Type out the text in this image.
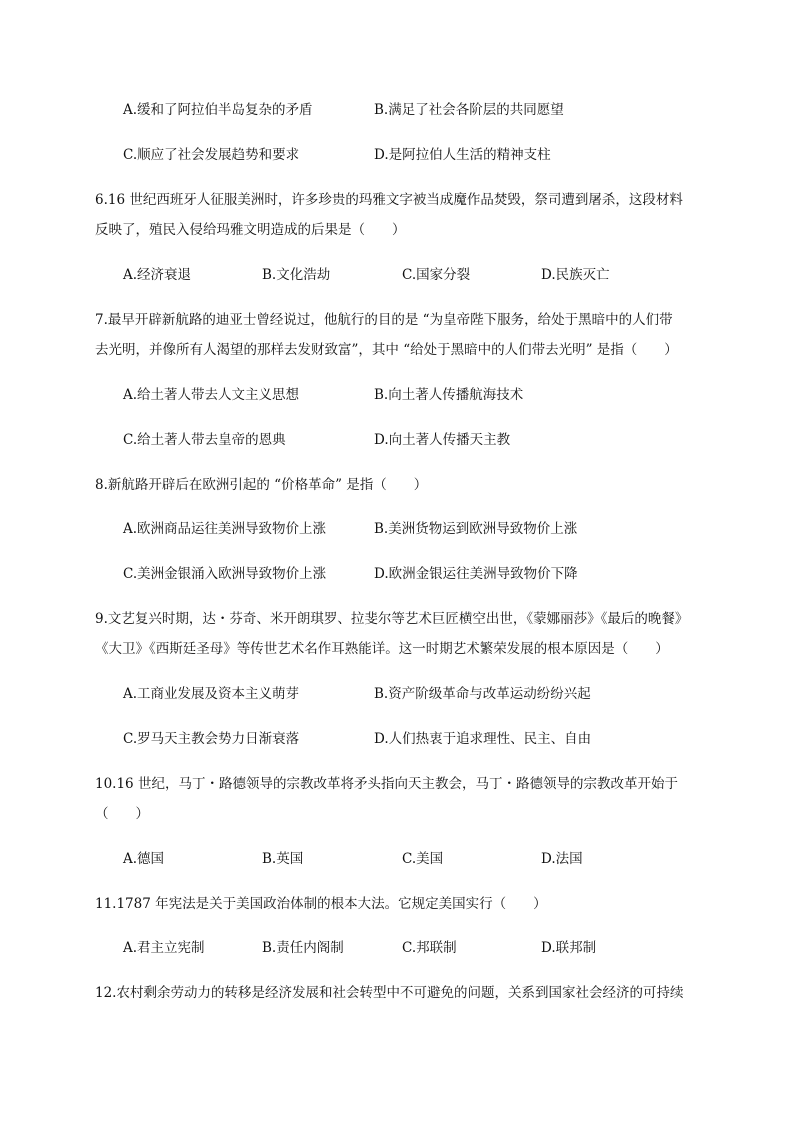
A.缓和了阿拉伯半岛复杂的矛盾	B.满足了社会各阶层的共同愿望
C.顺应了社会发展趋势和要求	D.是阿拉伯人生活的精神支柱
6.16 世纪西班牙人征服美洲时，许多珍贵的玛雅文字被当成魔作品焚毁，祭司遭到屠杀，这段材料
反映了，殖民入侵给玛雅文明造成的后果是（　　）
A.经济衰退	B.文化浩劫	C.国家分裂	D.民族灭亡
7.最早开辟新航路的迪亚士曾经说过，他航行的目的是 “为皇帝陛下服务，给处于黑暗中的人们带
去光明，并像所有人渴望的那样去发财致富”，其中 “给处于黑暗中的人们带去光明” 是指（　　）
A.给土著人带去人文主义思想	B.向土著人传播航海技术
C.给土著人带去皇帝的恩典	D.向土著人传播天主教
8.新航路开辟后在欧洲引起的 “价格革命” 是指（　　）
A.欧洲商品运往美洲导致物价上涨	B.美洲货物运到欧洲导致物价上涨
C.美洲金银涌入欧洲导致物价上涨	D.欧洲金银运往美洲导致物价下降
9.文艺复兴时期，达・芬奇、米开朗琪罗、拉斐尔等艺术巨匠横空出世，《蒙娜丽莎》《最后的晚餐》
《大卫》《西斯廷圣母》等传世艺术名作耳熟能详。这一时期艺术繁荣发展的根本原因是（　　）
A.工商业发展及资本主义萌芽	B.资产阶级革命与改革运动纷纷兴起
C.罗马天主教会势力日渐衰落	D.人们热衷于追求理性、民主、自由
10.16 世纪，马丁・路德领导的宗教改革将矛头指向天主教会，马丁・路德领导的宗教改革开始于
（　　）
A.德国	B.英国	C.美国	D.法国
11.1787 年宪法是关于美国政治体制的根本大法。它规定美国实行（　　）
A.君主立宪制	B.责任内阁制	C.邦联制	D.联邦制
12.农村剩余劳动力的转移是经济发展和社会转型中不可避免的问题，关系到国家社会经济的可持续
